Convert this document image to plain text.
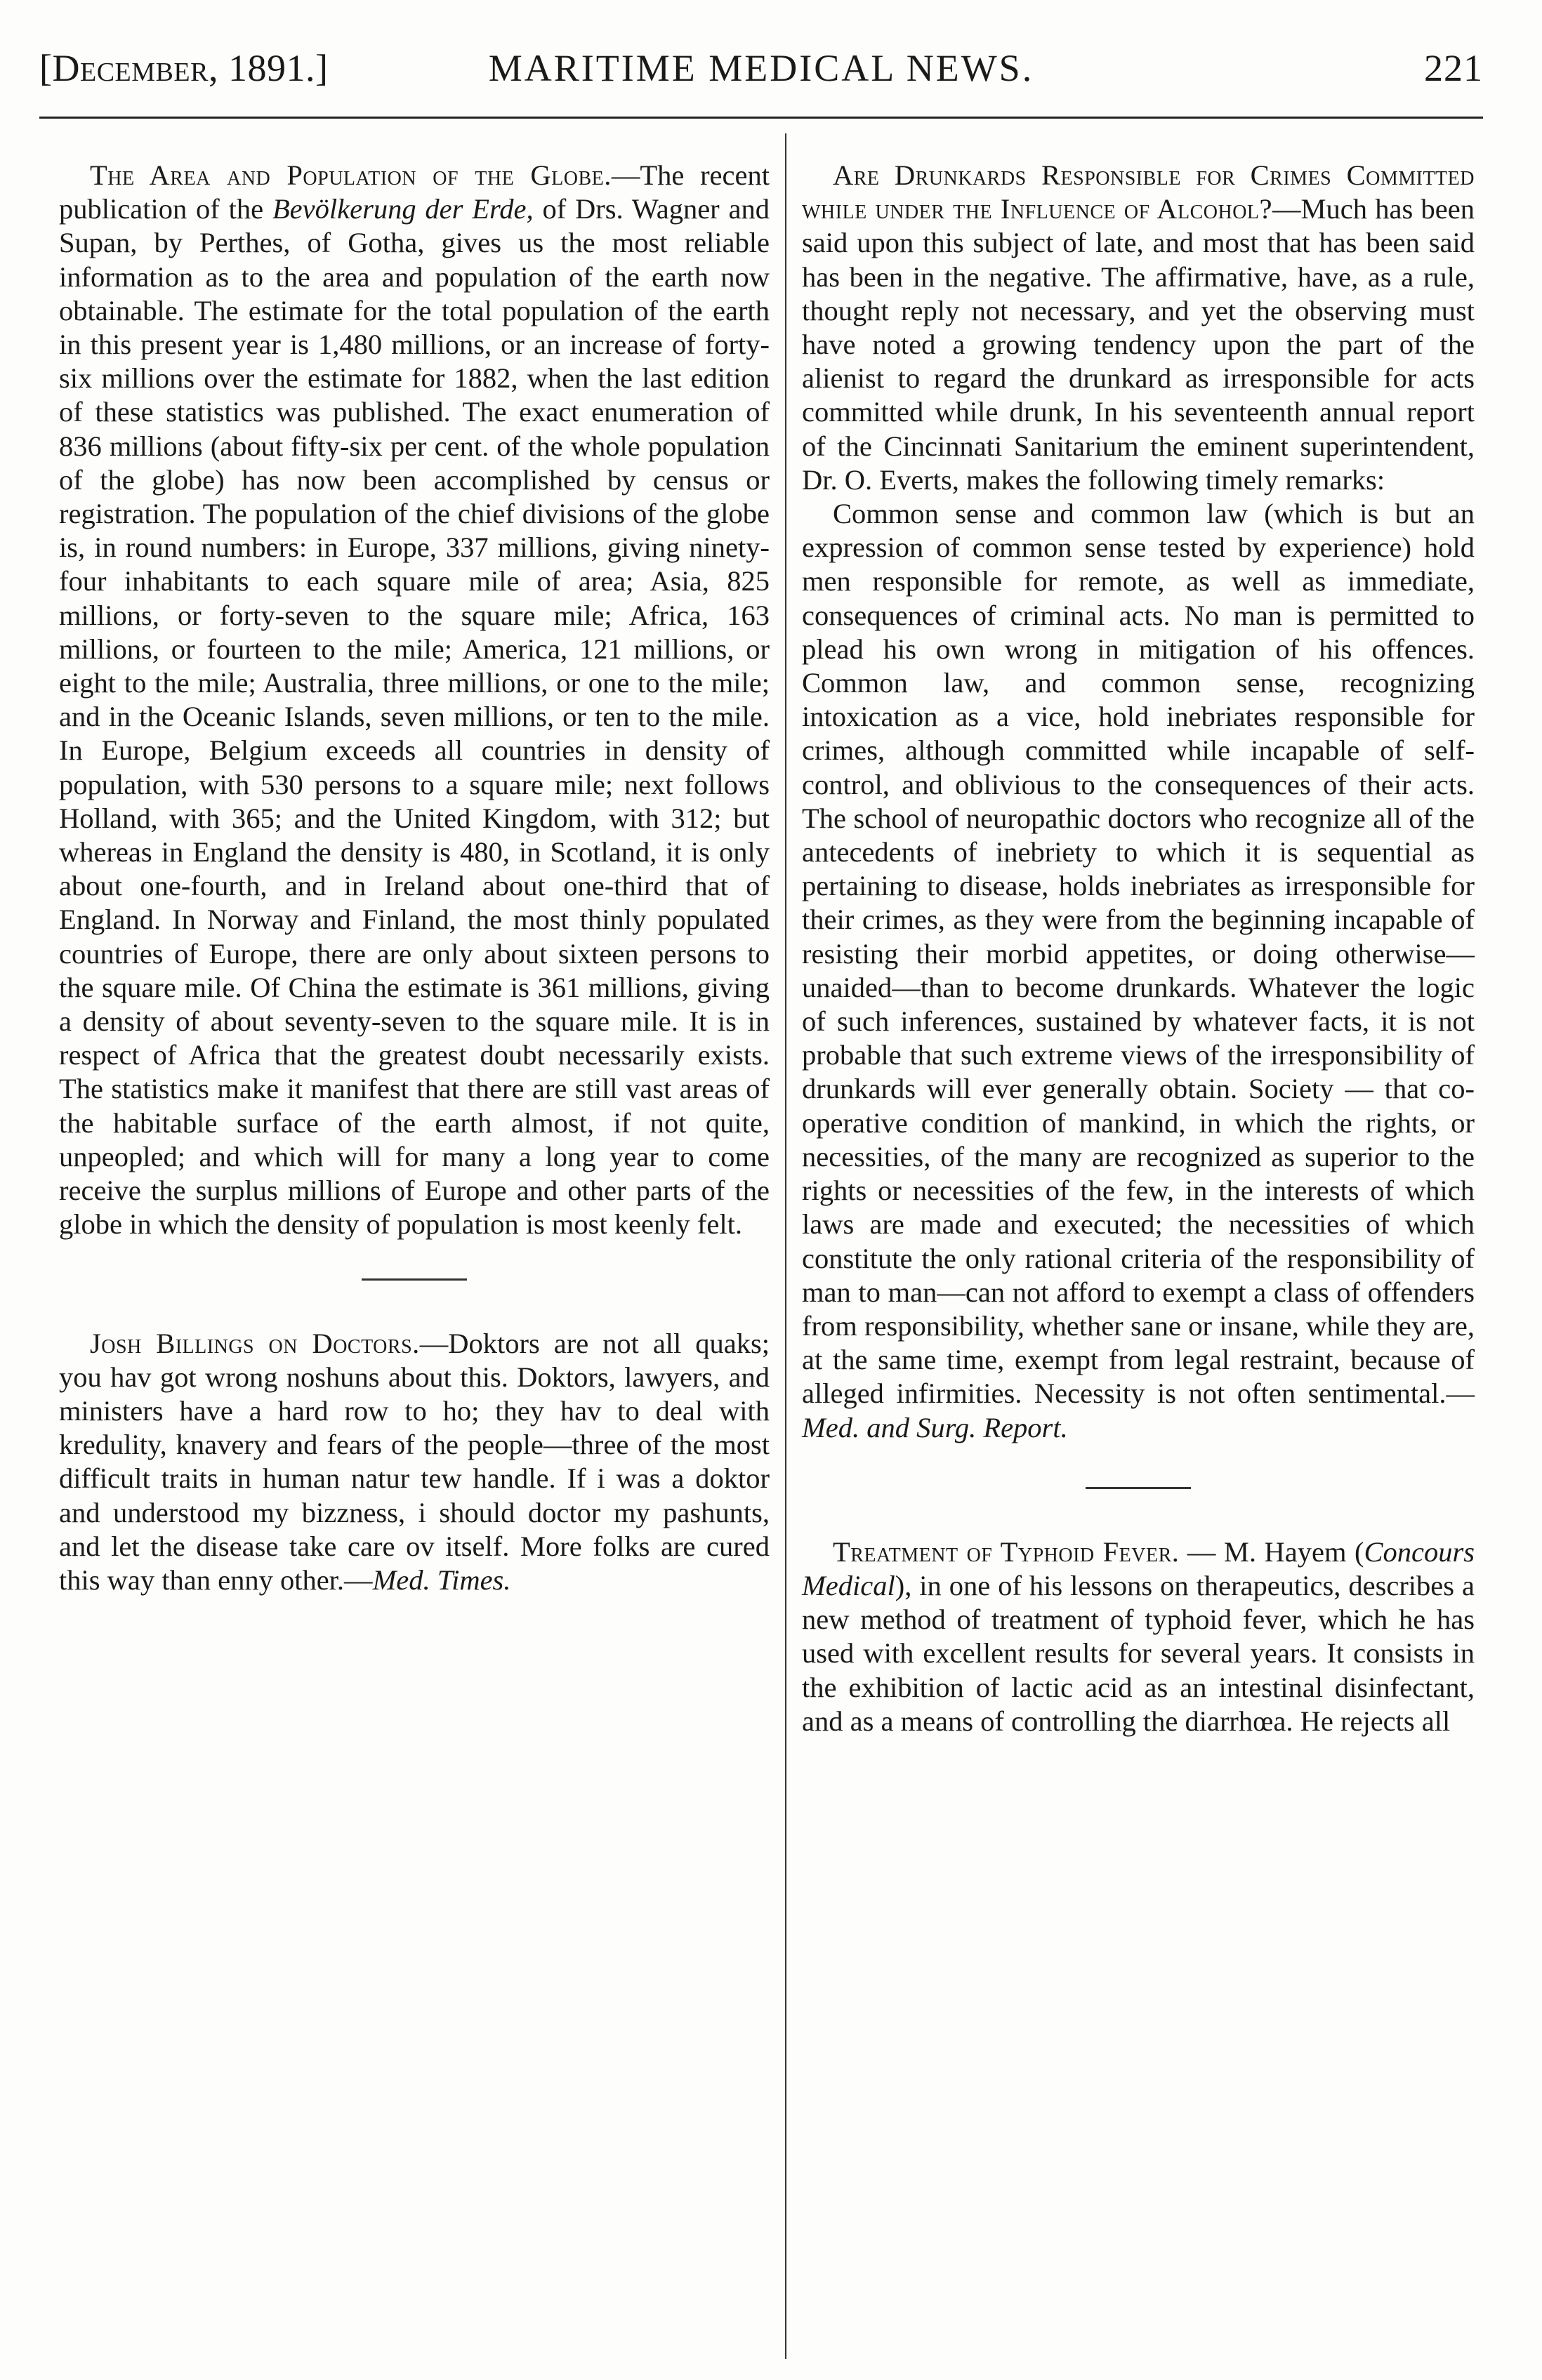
[December, 1891.]	MARITIME MEDICAL NEWS.	221

The Area and Population of the Globe.—The recent publication of the Bevölkerung der Erde, of Drs. Wagner and Supan, by Perthes, of Gotha, gives us the most reliable information as to the area and population of the earth now obtainable. The estimate for the total population of the earth in this present year is 1,480 millions, or an increase of forty-six millions over the estimate for 1882, when the last edition of these statistics was published. The exact enumeration of 836 millions (about fifty-six per cent. of the whole population of the globe) has now been accomplished by census or registration. The population of the chief divisions of the globe is, in round numbers: in Europe, 337 millions, giving ninety-four inhabitants to each square mile of area; Asia, 825 millions, or forty-seven to the square mile; Africa, 163 millions, or fourteen to the mile; America, 121 millions, or eight to the mile; Australia, three millions, or one to the mile; and in the Oceanic Islands, seven millions, or ten to the mile. In Europe, Belgium exceeds all countries in density of population, with 530 persons to a square mile; next follows Holland, with 365; and the United Kingdom, with 312; but whereas in England the density is 480, in Scotland, it is only about one-fourth, and in Ireland about one-third that of England. In Norway and Finland, the most thinly populated countries of Europe, there are only about sixteen persons to the square mile. Of China the estimate is 361 millions, giving a density of about seventy-seven to the square mile. It is in respect of Africa that the greatest doubt necessarily exists. The statistics make it manifest that there are still vast areas of the habitable surface of the earth almost, if not quite, unpeopled; and which will for many a long year to come receive the surplus millions of Europe and other parts of the globe in which the density of population is most keenly felt.

Josh Billings on Doctors.—Doktors are not all quaks; you hav got wrong noshuns about this. Doktors, lawyers, and ministers have a hard row to ho; they hav to deal with kredulity, knavery and fears of the people—three of the most difficult traits in human natur tew handle. If i was a doktor and understood my bizzness, i should doctor my pashunts, and let the disease take care ov itself. More folks are cured this way than enny other.—Med. Times.

Are Drunkards Responsible for Crimes Committed while under the Influence of Alcohol?—Much has been said upon this subject of late, and most that has been said has been in the negative. The affirmative, have, as a rule, thought reply not necessary, and yet the observing must have noted a growing tendency upon the part of the alienist to regard the drunkard as irresponsible for acts committed while drunk, In his seventeenth annual report of the Cincinnati Sanitarium the eminent superintendent, Dr. O. Everts, makes the following timely remarks:

Common sense and common law (which is but an expression of common sense tested by experience) hold men responsible for remote, as well as immediate, consequences of criminal acts. No man is permitted to plead his own wrong in mitigation of his offences. Common law, and common sense, recognizing intoxication as a vice, hold inebriates responsible for crimes, although committed while incapable of self-control, and oblivious to the consequences of their acts. The school of neuropathic doctors who recognize all of the antecedents of inebriety to which it is sequential as pertaining to disease, holds inebriates as irresponsible for their crimes, as they were from the beginning incapable of resisting their morbid appetites, or doing otherwise—unaided—than to become drunkards. Whatever the logic of such inferences, sustained by whatever facts, it is not probable that such extreme views of the irresponsibility of drunkards will ever generally obtain. Society — that co-operative condition of mankind, in which the rights, or necessities, of the many are recognized as superior to the rights or necessities of the few, in the interests of which laws are made and executed; the necessities of which constitute the only rational criteria of the responsibility of man to man—can not afford to exempt a class of offenders from responsibility, whether sane or insane, while they are, at the same time, exempt from legal restraint, because of alleged infirmities. Necessity is not often sentimental.—Med. and Surg. Report.

Treatment of Typhoid Fever. — M. Hayem (Concours Medical), in one of his lessons on therapeutics, describes a new method of treatment of typhoid fever, which he has used with excellent results for several years. It consists in the exhibition of lactic acid as an intestinal disinfectant, and as a means of controlling the diarrhœa. He rejects all
